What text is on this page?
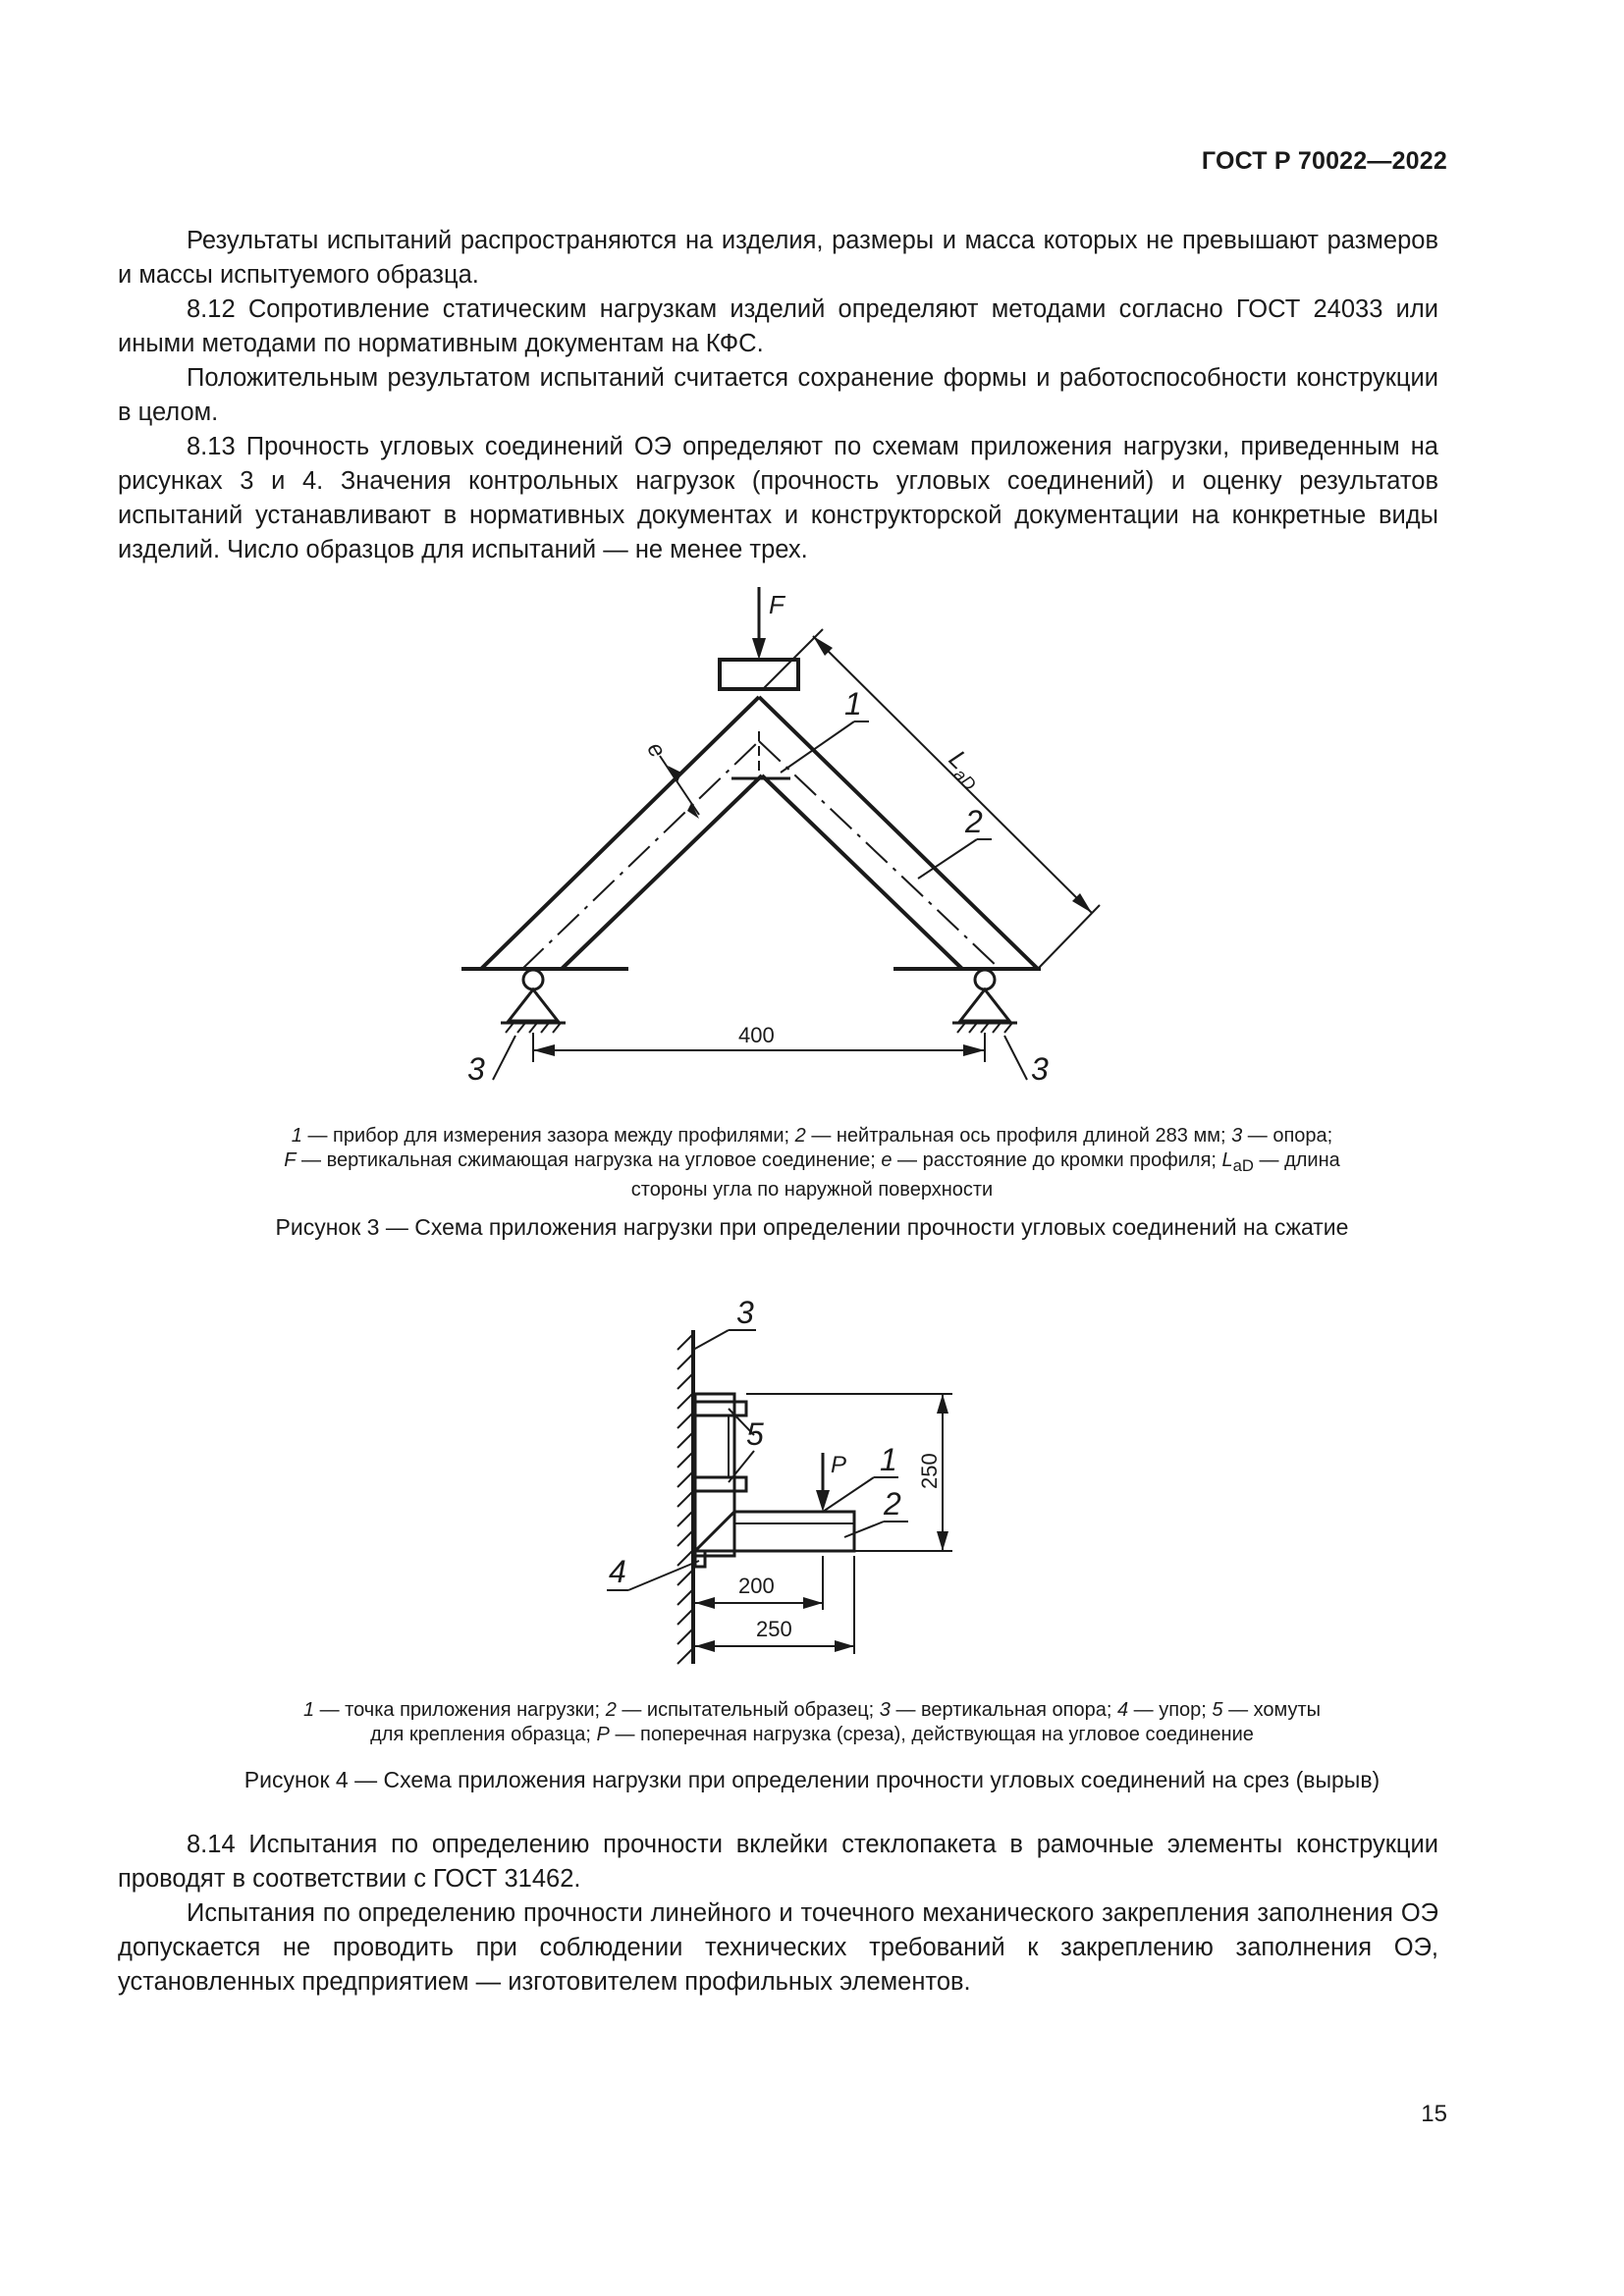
ГОСТ Р 70022—2022

Результаты испытаний распространяются на изделия, размеры и масса которых не превышают размеров и массы испытуемого образца.

8.12 Сопротивление статическим нагрузкам изделий определяют методами согласно ГОСТ 24033 или иными методами по нормативным документам на КФС.

Положительным результатом испытаний считается сохранение формы и работоспособности конструкции в целом.

8.13 Прочность угловых соединений ОЭ определяют по схемам приложения нагрузки, приведенным на рисунках 3 и 4. Значения контрольных нагрузок (прочность угловых соединений) и оценку результатов испытаний устанавливают в нормативных документах и конструкторской документации на конкретные виды изделий. Число образцов для испытаний — не менее трех.

F
e	$L_{aD}$
1
2
3	3
400
1 — прибор для измерения зазора между профилями; 2 — нейтральная ось профиля длиной 283 мм; 3 — опора;
F — вертикальная сжимающая нагрузка на угловое соединение; e — расстояние до кромки профиля; $L_{aD}$ — длина
стороны угла по наружной поверхности
Рисунок 3 — Схема приложения нагрузки при определении прочности угловых соединений на сжатие
P 1
2
3
4
5
250
200
250
1 — точка приложения нагрузки; 2 — испытательный образец; 3 — вертикальная опора; 4 — упор; 5 — хомуты
для крепления образца; P — поперечная нагрузка (среза), действующая на угловое соединение
Рисунок 4 — Схема приложения нагрузки при определении прочности угловых соединений на срез (вырыв)

8.14 Испытания по определению прочности вклейки стеклопакета в рамочные элементы конструкции проводят в соответствии с ГОСТ 31462.

Испытания по определению прочности линейного и точечного механического закрепления заполнения ОЭ допускается не проводить при соблюдении технических требований к закреплению заполнения ОЭ, установленных предприятием — изготовителем профильных элементов.

15
